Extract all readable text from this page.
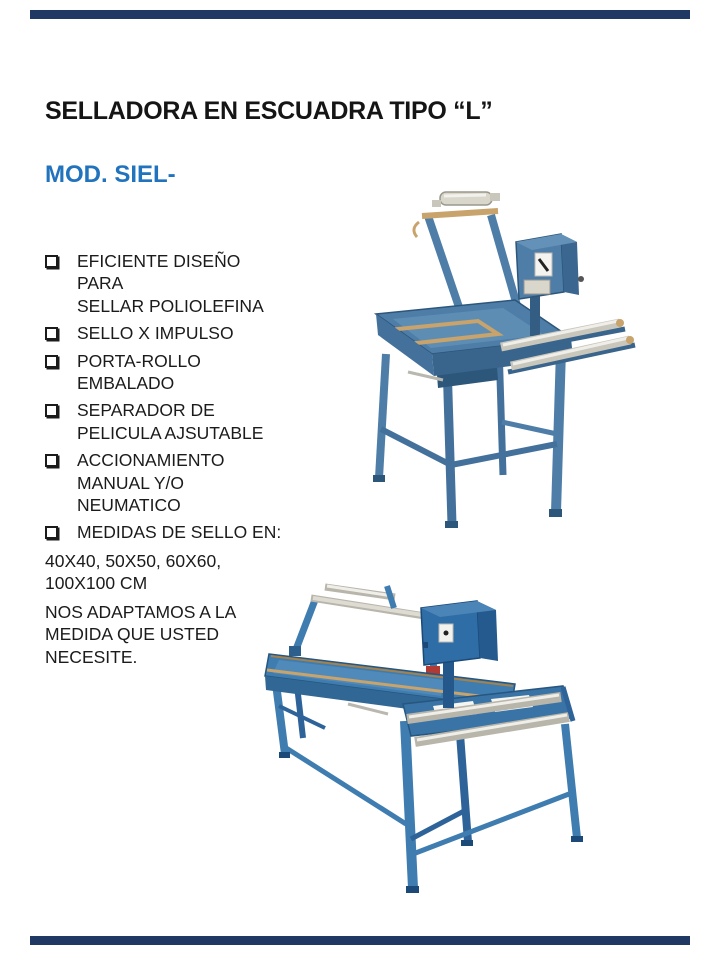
SELLADORA EN ESCUADRA TIPO “L”
MOD. SIEL-
EFICIENTE DISEÑO PARA
SELLAR POLIOLEFINA
SELLO X IMPULSO
PORTA-ROLLO
EMBALADO
SEPARADOR DE
PELICULA AJSUTABLE
ACCIONAMIENTO
MANUAL Y/O
NEUMATICO
MEDIDAS DE SELLO EN:
40X40, 50X50, 60X60,
100X100 CM
NOS ADAPTAMOS A LA
MEDIDA QUE USTED
NECESITE.
